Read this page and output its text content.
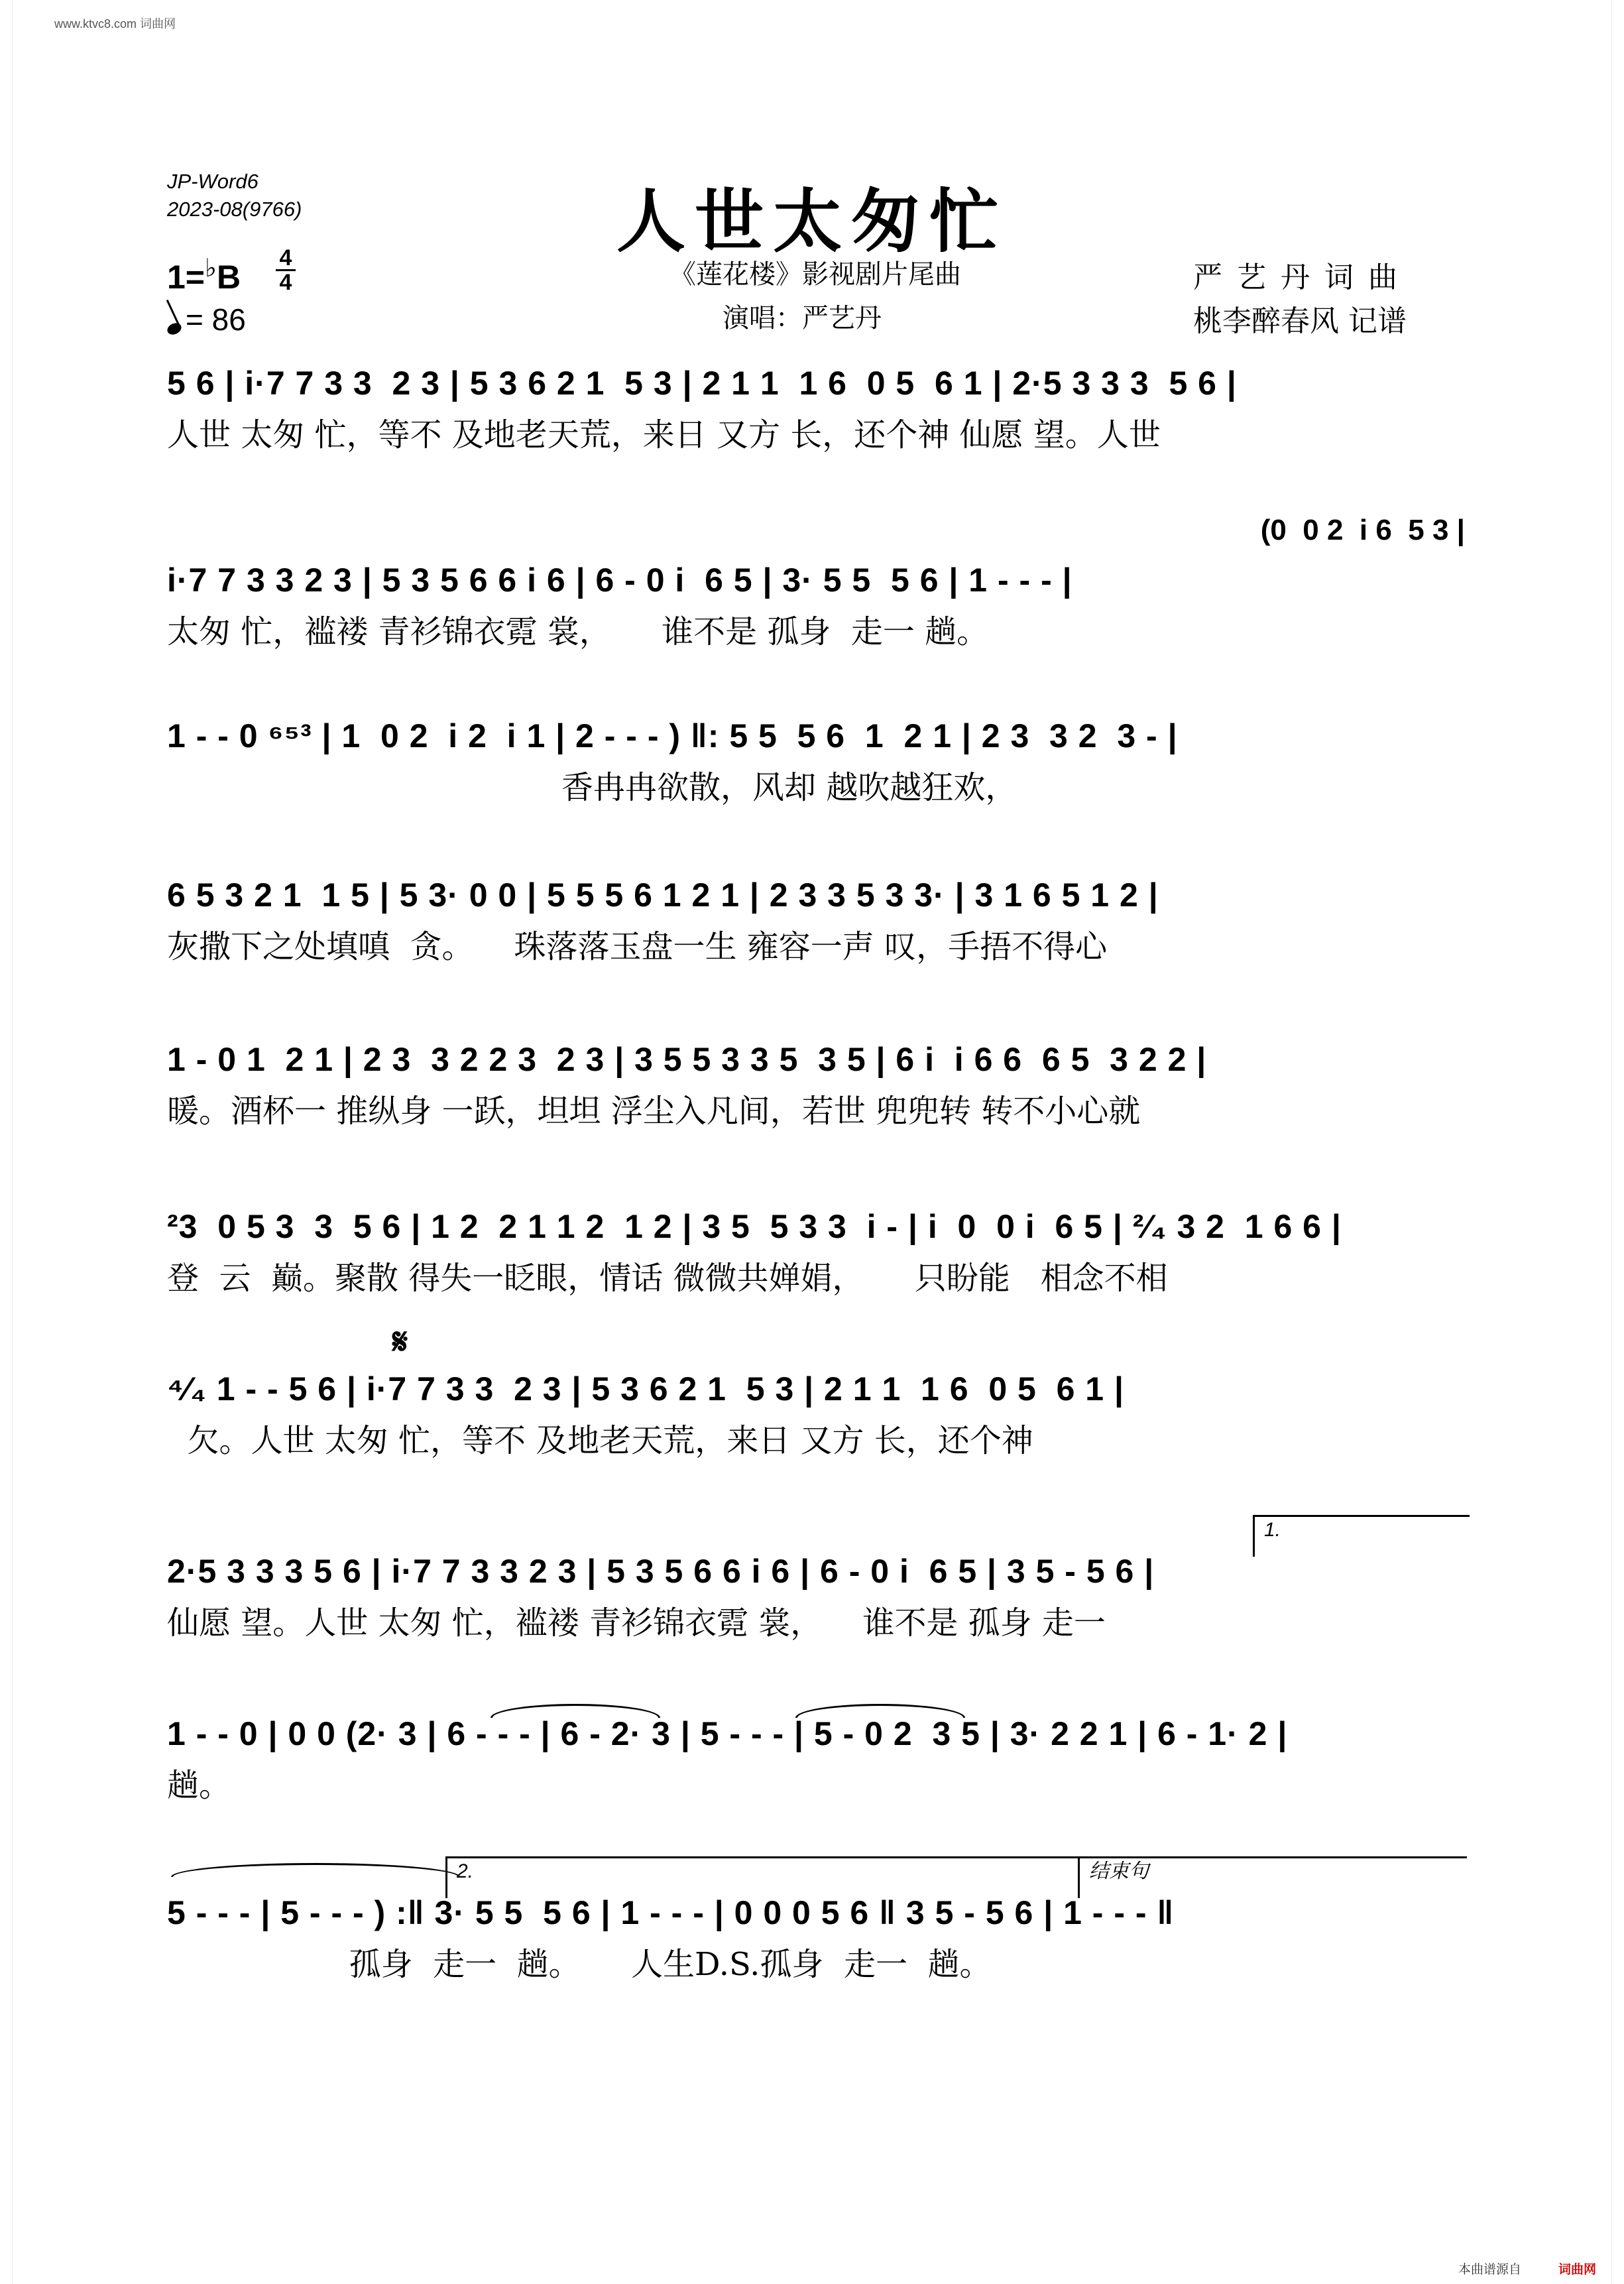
www.ktvc8.com 词曲网
JP-Word6
2023-08(9766)	人世太匆忙
1=♭B
4
4
= 86
《莲花楼》影视剧片尾曲
演唱：严艺丹
严艺丹词曲
桃李醉春风 记谱
5 6 | i·7 7 3 3  2 3 | 5 3 6 2 1  5 3 | 2 1 1  1 6  0 5  6 1 | 2·5 3 3 3  5 6 |
人世 太匆 忙，等不 及地老天荒，来日 又方 长，还个神 仙愿 望。人世
(0  0 2  i 6  5 3 |
i·7 7 3 3 2 3 | 5 3 5 6 6 i 6 | 6 - 0 i  6 5 | 3· 5 5  5 6 | 1 - - - |
太匆 忙，褴褛 青衫锦衣霓 裳，     谁不是 孤身  走一 趟。
1 - - 0 ⁶⁵³ | 1  0 2  i 2  i 1 | 2 - - - ) ‖: 5 5  5 6  1  2 1 | 2 3  3 2  3 - |
香冉冉欲散，风却 越吹越狂欢，
6 5 3 2 1  1 5 | 5 3· 0 0 | 5 5 5 6 1 2 1 | 2 3 3 5 3 3· | 3 1 6 5 1 2 |
灰撒下之处填嗔  贪。    珠落落玉盘一生 雍容一声 叹，手捂不得心
1 - 0 1  2 1 | 2 3  3 2 2 3  2 3 | 3 5 5 3 3 5  3 5 | 6 i  i 6 6  6 5  3 2 2 |
暖。酒杯一 推纵身 一跃，坦坦 浮尘入凡间，若世 兜兜转 转不小心就
²3  0 5 3  3  5 6 | 1 2  2 1 1 2  1 2 | 3 5  5 3 3  i - | i  0  0 i  6 5 | ²⁄₄ 3 2  1 6 6 |
登  云  巅。聚散 得失一眨眼，情话 微微共婵娟，     只盼能   相念不相
𝄋
⁴⁄₄ 1 - - 5 6 | i·7 7 3 3  2 3 | 5 3 6 2 1  5 3 | 2 1 1  1 6  0 5  6 1 |
欠。人世 太匆 忙，等不 及地老天荒，来日 又方 长，还个神
1.
2·5 3 3 3 5 6 | i·7 7 3 3 2 3 | 5 3 5 6 6 i 6 | 6 - 0 i  6 5 | 3 5 - 5 6 |
仙愿 望。人世 太匆 忙，褴褛 青衫锦衣霓 裳，    谁不是 孤身 走一
1 - - 0 | 0 0 (2· 3 | 6 - - - | 6 - 2· 3 | 5 - - - | 5 - 0 2  3 5 | 3· 2 2 1 | 6 - 1· 2 |
趟。
2.	结束句
5 - - - | 5 - - - ) :‖ 3· 5 5  5 6 | 1 - - - | 0 0 0 5 6 ‖ 3 5 - 5 6 | 1 - - - ‖
孤身  走一  趟。     人生D.S.孤身  走一  趟。
本曲谱源自	词曲网
